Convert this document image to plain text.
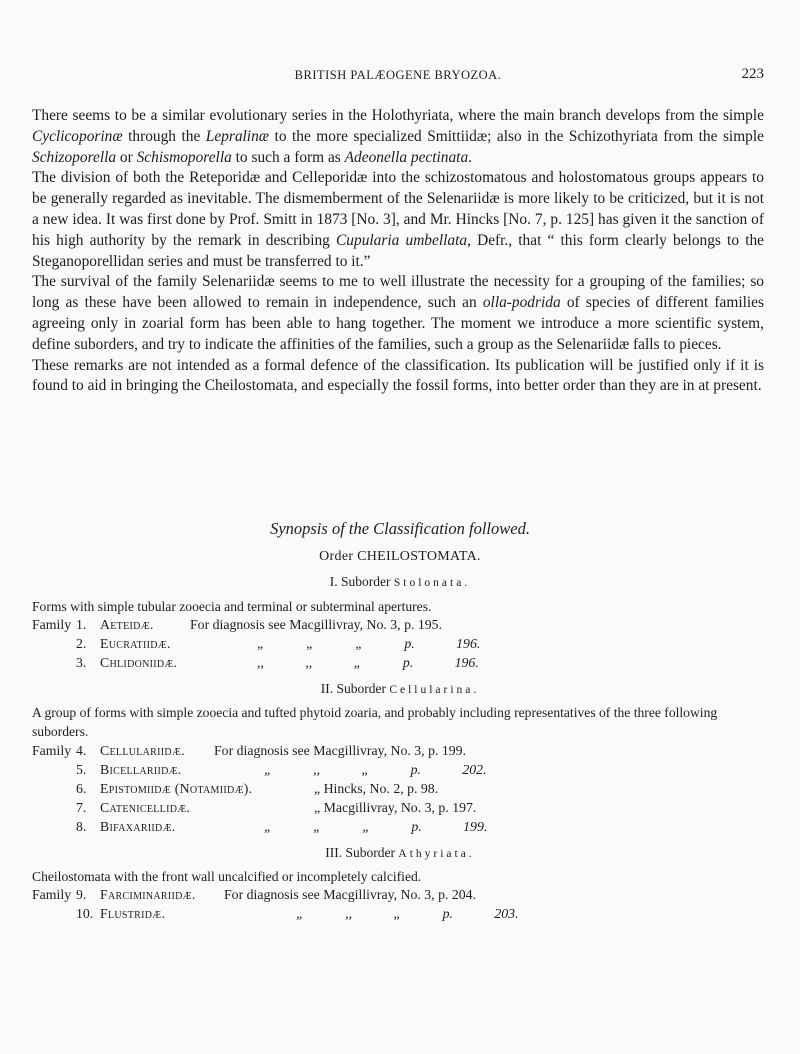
BRITISH PALÆOGENE BRYOZOA.	223

There seems to be a similar evolutionary series in the Holothyriata, where the main branch develops from the simple Cyclicoporinæ through the Lepralinæ to the more specialized Smittiidæ; also in the Schizothyriata from the simple Schizoporella or Schismoporella to such a form as Adeonella pectinata.

The division of both the Reteporidæ and Celleporidæ into the schizostomatous and holostomatous groups appears to be generally regarded as inevitable. The dismemberment of the Selenariidæ is more likely to be criticized, but it is not a new idea. It was first done by Prof. Smitt in 1873 [No. 3], and Mr. Hincks [No. 7, p. 125] has given it the sanction of his high authority by the remark in describing Cupularia umbellata, Defr., that “ this form clearly belongs to the Steganoporellidan series and must be transferred to it.”

The survival of the family Selenariidæ seems to me to well illustrate the necessity for a grouping of the families; so long as these have been allowed to remain in independence, such an olla-podrida of species of different families agreeing only in zoarial form has been able to hang together. The moment we introduce a more scientific system, define suborders, and try to indicate the affinities of the families, such a group as the Selenariidæ falls to pieces.

These remarks are not intended as a formal defence of the classification. Its publication will be justified only if it is found to aid in bringing the Cheilostomata, and especially the fossil forms, into better order than they are in at present.

Synopsis of the Classification followed.
Order CHEILOSTOMATA.
I. Suborder Stolonata.
Forms with simple tubular zooecia and terminal or subterminal apertures.
Family 1. Aeteidæ.	For diagnosis see Macgillivray, No. 3, p. 195.
2. Eucratiidæ.	„ „ „ p. 196.
3. Chlidoniidæ.	,, ,, „ p. 196.
II. Suborder Cellularina.
A group of forms with simple zooecia and tufted phytoid zoaria, and probably including representatives of the three following suborders.
Family 4. Cellulariidæ. For diagnosis see Macgillivray, No. 3, p. 199.
5. Bicellariidæ.	„ ,, „ p. 202.
6. Epistomiidæ (Notamiidæ).	„ Hincks, No. 2, p. 98.
7. Catenicellidæ.	„ Macgillivray, No. 3, p. 197.
8. Bifaxariidæ.	„ „ „ p. 199.
III. Suborder Athyriata.
Cheilostomata with the front wall uncalcified or incompletely calcified.
Family 9. Farciminariidæ. For diagnosis see Macgillivray, No. 3, p. 204.
10. Flustridæ.	„ ,, „ p. 203.
